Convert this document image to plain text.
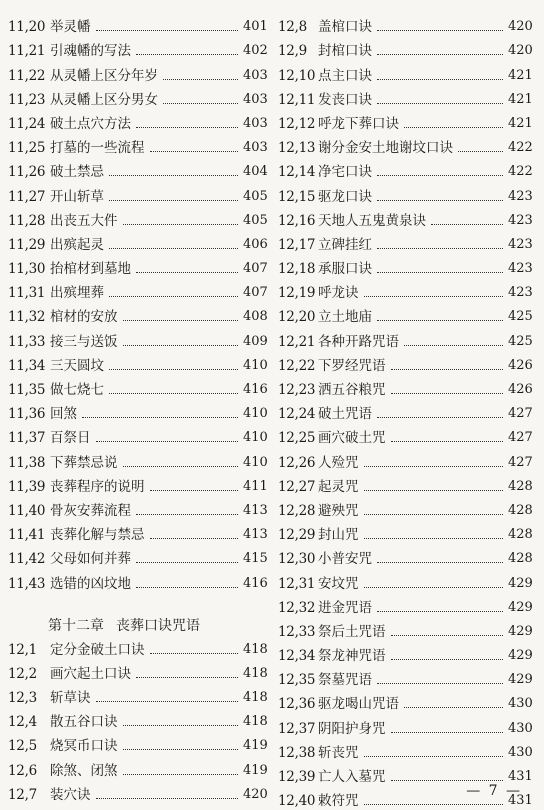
11,20 举灵幡	401
11,21 引魂幡的写法	402
11,22 从灵幡上区分年岁	403
11,23 从灵幡上区分男女	403
11,24 破土点穴方法	403
11,25 打墓的一些流程	403
11,26 破土禁忌	404
11,27 开山斩草	405
11,28 出丧五大件	405
11,29 出殡起灵	406
11,30 抬棺材到墓地	407
11,31 出殡埋葬	407
11,32 棺材的安放	408
11,33 接三与送饭	409
11,34 三天圆坟	410
11,35 做七烧七	416
11,36 回煞	410
11,37 百祭日	410
11,38 下葬禁忌说	410
11,39 丧葬程序的说明	411
11,40 骨灰安葬流程	413
11,41 丧葬化解与禁忌	413
11,42 父母如何并葬	415
11,43 选错的凶坟地	416
第十二章 丧葬口诀咒语
12,1 定分金破土口诀	418
12,2 画穴起土口诀	418
12,3 斩草诀	418
12,4 散五谷口诀	418
12,5 烧冥币口诀	419
12,6 除煞、闭煞	419
12,7 装穴诀	420
12,8 盖棺口诀	420
12,9 封棺口诀	420
12,10 点主口诀	421
12,11 发丧口诀	421
12,12 呼龙下葬口诀	421
12,13 谢分金安土地谢坟口诀	422
12,14 净宅口诀	422
12,15 驱龙口诀	423
12,16 天地人五鬼黄泉诀	423
12,17 立碑挂红	423
12,18 承服口诀	423
12,19 呼龙诀	423
12,20 立土地庙	425
12,21 各种开路咒语	425
12,22 下罗经咒语	426
12,23 洒五谷粮咒	426
12,24 破土咒语	427
12,25 画穴破土咒	427
12,26 人殓咒	427
12,27 起灵咒	428
12,28 避殃咒	428
12,29 封山咒	428
12,30 小普安咒	428
12,31 安坟咒	429
12,32 进金咒语	429
12,33 祭后土咒语	429
12,34 祭龙神咒语	429
12,35 祭墓咒语	429
12,36 驱龙喝山咒语	430
12,37 阴阳护身咒	430
12,38 斩丧咒	430
12,39 亡人入墓咒	431
12,40 敕符咒	431
— 7 —
